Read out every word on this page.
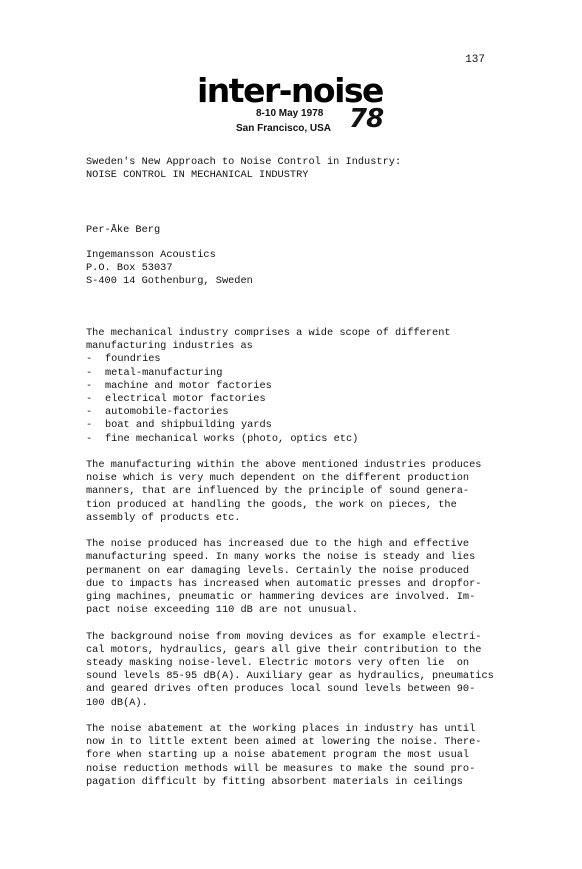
137
inter-noise
8-10 May 1978
San Francisco, USA 78
Sweden's New Approach to Noise Control in Industry:
NOISE CONTROL IN MECHANICAL INDUSTRY
Per-Åke Berg
Ingemansson Acoustics
P.O. Box 53037
S-400 14 Gothenburg, Sweden
The mechanical industry comprises a wide scope of different
manufacturing industries as
- foundries
- metal-manufacturing
- machine and motor factories
- electrical motor factories
- automobile-factories
- boat and shipbuilding yards
- fine mechanical works (photo, optics etc)
The manufacturing within the above mentioned industries produces
noise which is very much dependent on the different production
manners, that are influenced by the principle of sound genera-
tion produced at handling the goods, the work on pieces, the
assembly of products etc.
The noise produced has increased due to the high and effective
manufacturing speed. In many works the noise is steady and lies
permanent on ear damaging levels. Certainly the noise produced
due to impacts has increased when automatic presses and dropfor-
ging machines, pneumatic or hammering devices are involved. Im-
pact noise exceeding 110 dB are not unusual.
The background noise from moving devices as for example electri-
cal motors, hydraulics, gears all give their contribution to the
steady masking noise-level. Electric motors very often lie  on
sound levels 85-95 dB(A). Auxiliary gear as hydraulics, pneumatics
and geared drives often produces local sound levels between 90-
100 dB(A).
The noise abatement at the working places in industry has until
now in to little extent been aimed at lowering the noise. There-
fore when starting up a noise abatement program the most usual
noise reduction methods will be measures to make the sound pro-
pagation difficult by fitting absorbent materials in ceilings
